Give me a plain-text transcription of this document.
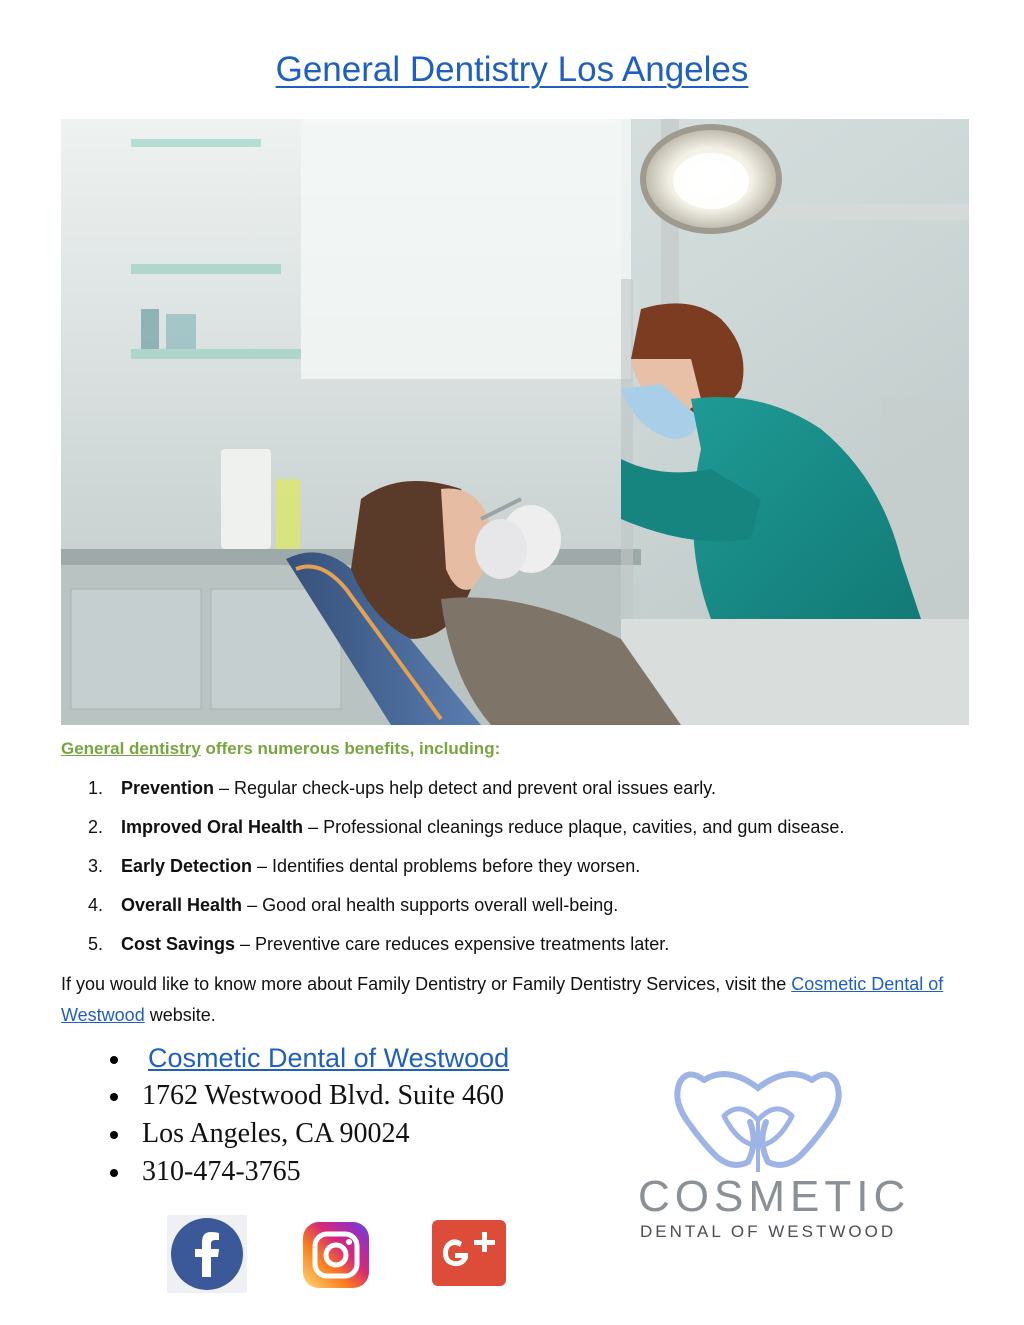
General Dentistry Los Angeles
General dentistry offers numerous benefits, including:
1. Prevention – Regular check-ups help detect and prevent oral issues early.
2. Improved Oral Health – Professional cleanings reduce plaque, cavities, and gum disease.
3. Early Detection – Identifies dental problems before they worsen.
4. Overall Health – Good oral health supports overall well-being.
5. Cost Savings – Preventive care reduces expensive treatments later.
If you would like to know more about Family Dentistry or Family Dentistry Services, visit the Cosmetic Dental of Westwood website.
Cosmetic Dental of Westwood
1762 Westwood Blvd. Suite 460
Los Angeles, CA 90024
310-474-3765
COSMETIC
DENTAL OF WESTWOOD
